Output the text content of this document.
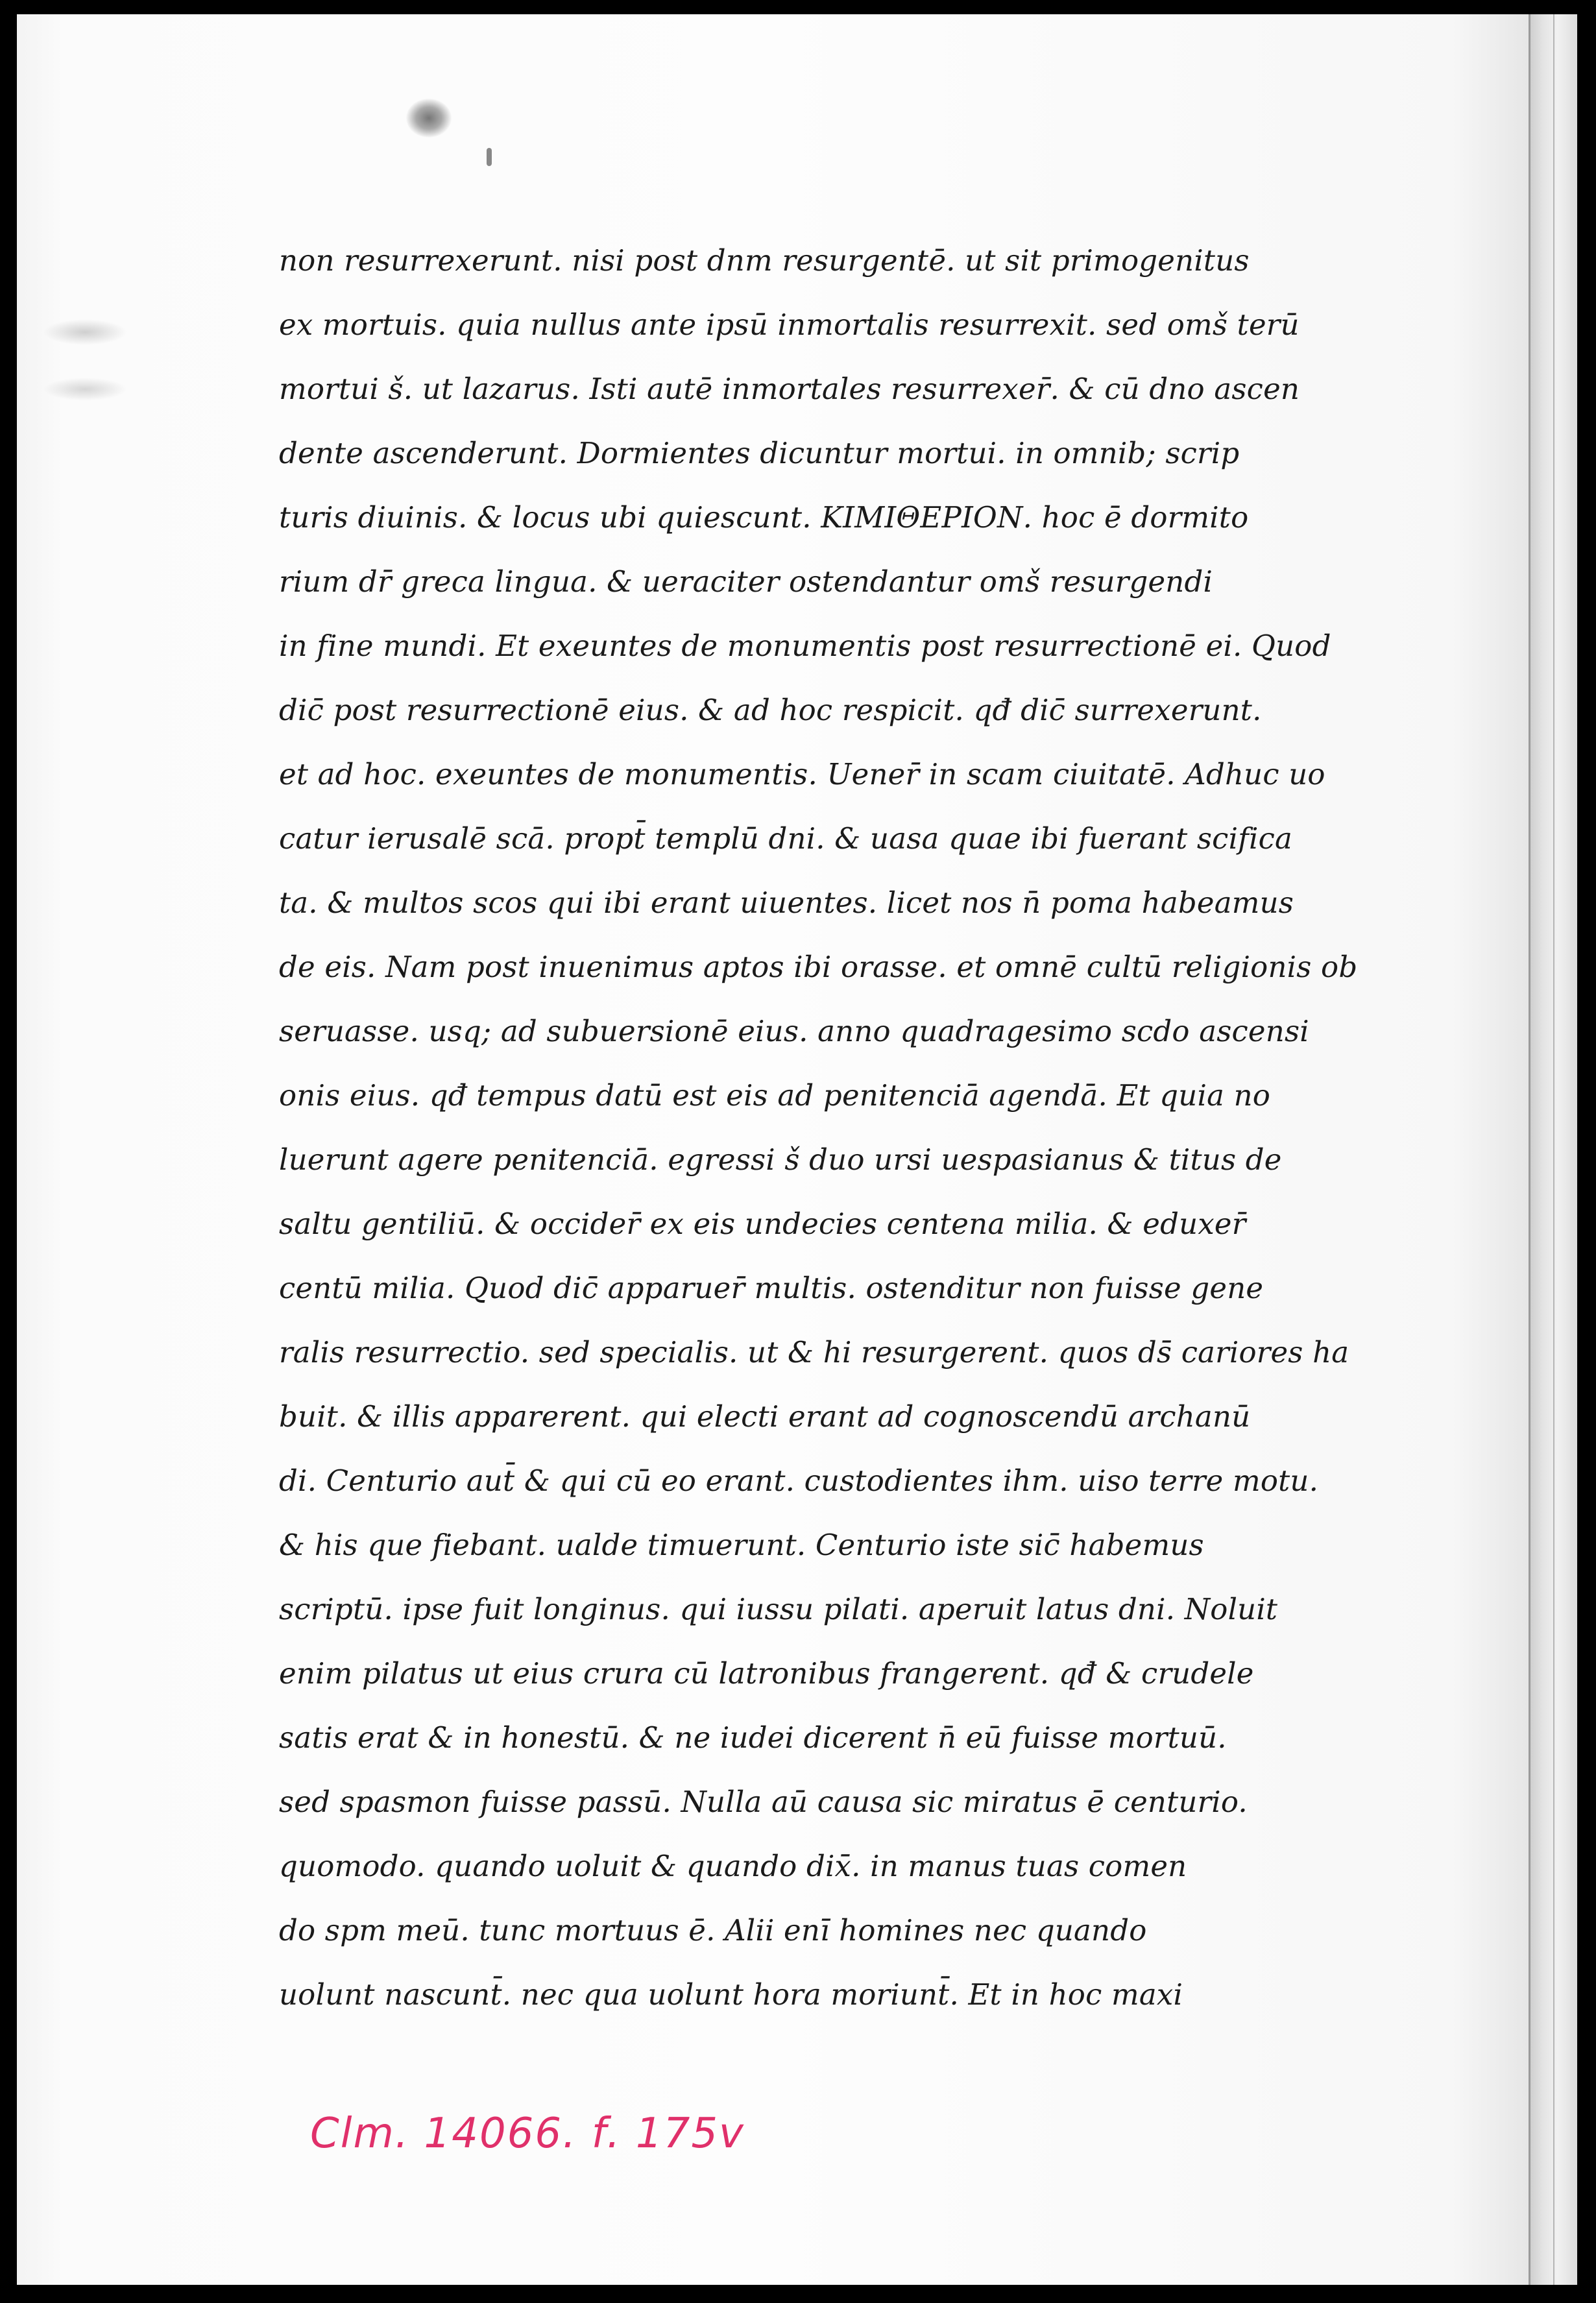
non resurrexerunt. nisi post dnm resurgentē. ut sit primogenitus
ex mortuis. quia nullus ante ipsū inmortalis resurrexit. sed omš terū
mortui š. ut lazarus. Isti autē inmortales resurrexer̄. & cū dno ascen
dente ascenderunt. Dormientes dicuntur mortui. in omnib; scrip
turis diuinis. & locus ubi quiescunt. KIMIΘΕΡΙΟΝ. hoc ē dormito
rium dr̄ greca lingua. & ueraciter ostendantur omš resurgendi
in fine mundi. Et exeuntes de monumentis post resurrectionē ei. Quod
dic̄ post resurrectionē eius. & ad hoc respicit. qđ dic̄ surrexerunt.
et ad hoc. exeuntes de monumentis. Uener̄ in scam ciuitatē. Adhuc uo
catur ierusalē scā. propt̄ templū dni. & uasa quae ibi fuerant scifica
ta. & multos scos qui ibi erant uiuentes. licet nos n̄ poma habeamus
de eis. Nam post inuenimus aptos ibi orasse. et omnē cultū religionis ob
seruasse. usq; ad subuersionē eius. anno quadragesimo scdo ascensi
onis eius. qđ tempus datū est eis ad penitenciā agendā. Et quia no
luerunt agere penitenciā. egressi š duo ursi uespasianus & titus de
saltu gentiliū. & occider̄ ex eis undecies centena milia. & eduxer̄
centū milia. Quod dic̄ apparuer̄ multis. ostenditur non fuisse gene
ralis resurrectio. sed specialis. ut & hi resurgerent. quos ds̄ cariores ha
buit. & illis apparerent. qui electi erant ad cognoscendū archanū
di. Centurio aut̄ & qui cū eo erant. custodientes ihm. uiso terre motu.
& his que fiebant. ualde timuerunt. Centurio iste sic̄ habemus
scriptū. ipse fuit longinus. qui iussu pilati. aperuit latus dni. Noluit
enim pilatus ut eius crura cū latronibus frangerent. qđ & crudele
satis erat & in honestū. & ne iudei dicerent n̄ eū fuisse mortuū.
sed spasmon fuisse passū. Nulla aū causa sic miratus ē centurio.
quomodo. quando uoluit & quando dix̄. in manus tuas comen
do spm meū. tunc mortuus ē. Alii enī homines nec quando
uolunt nascunt̄. nec qua uolunt hora moriunt̄. Et in hoc maxi
Clm. 14066. f. 175v
